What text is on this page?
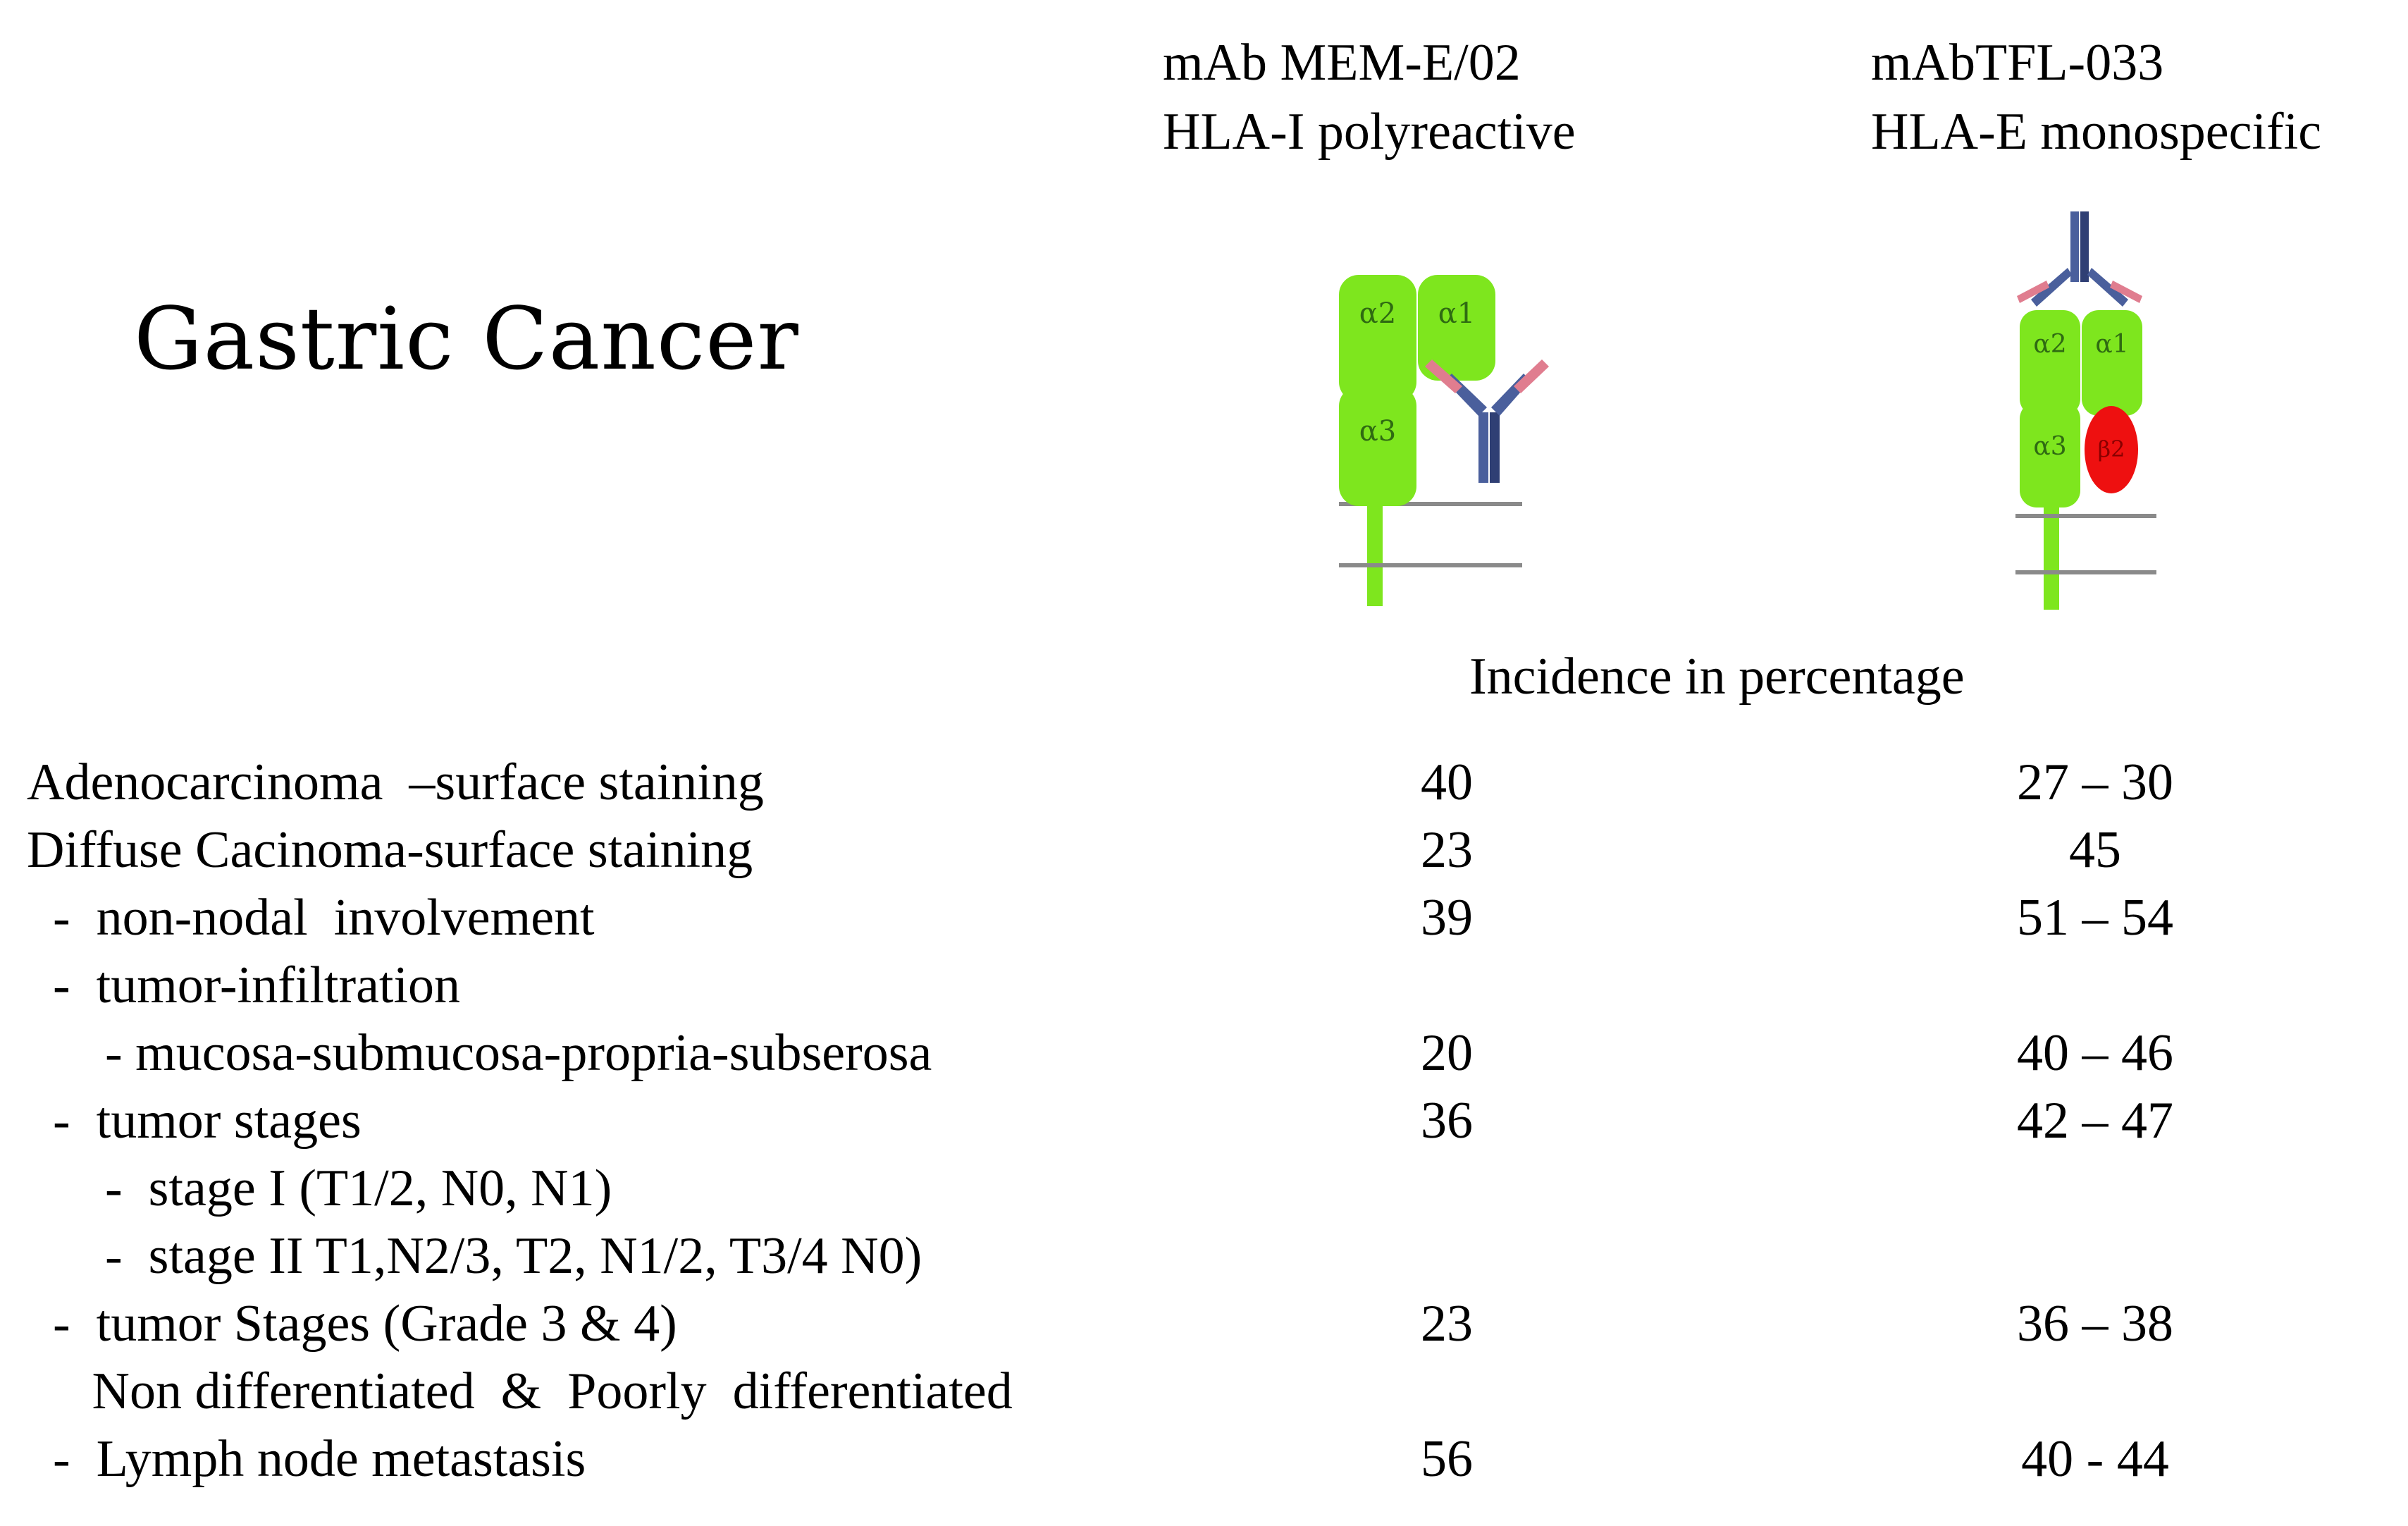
Gastric Cancer
mAb MEM-E/02
HLA-I polyreactive
mAbTFL-033
HLA-E monospecific
α2 α1
α3
α2 α1
α3 β2
Incidence in percentage
Adenocarcinoma  –surface staining	40	27 – 30
Diffuse Cacinoma-surface staining	23	45
-  non-nodal  involvement	39	51 – 54
-  tumor-infiltration
- mucosa-submucosa-propria-subserosa	20	40 – 46
-  tumor stages	36	42 – 47
-  stage I (T1/2, N0, N1)
-  stage II T1,N2/3, T2, N1/2, T3/4 N0)
-  tumor Stages (Grade 3 & 4)	23	36 – 38
Non differentiated  &  Poorly  differentiated
-  Lymph node metastasis	56	40 - 44
